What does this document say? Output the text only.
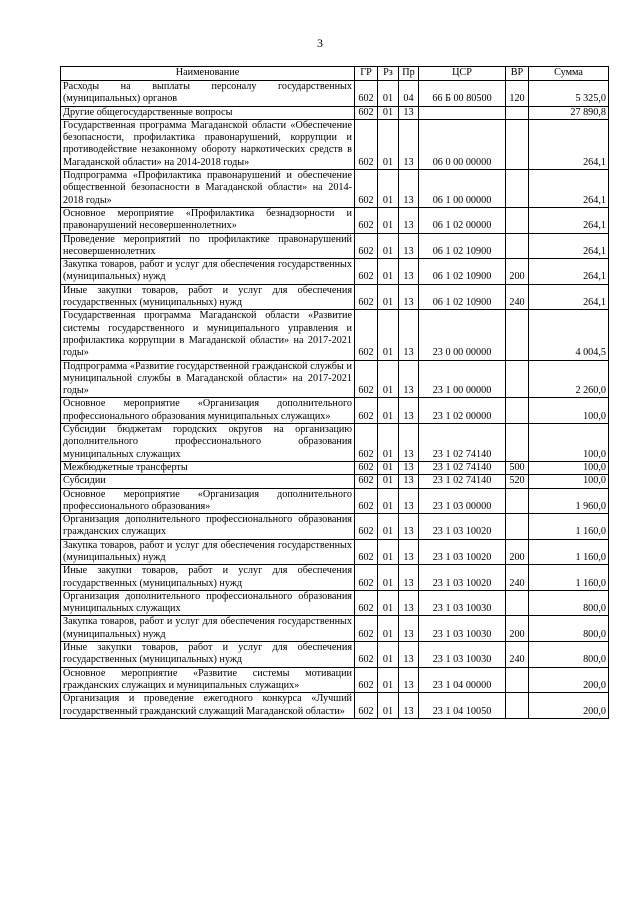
3
Наименование	ГР	Рз	Пр	ЦСР	ВР	Сумма
Расходы на выплаты персоналу государственных (муниципальных) органов	602	01	04	66 Б 00 80500	120	5 325,0
Другие общегосударственные вопросы	602	01	13			27 890,8
Государственная программа Магаданской области «Обеспечение безопасности, профилактика правонарушений, коррупции и противодействие незаконному обороту наркотических средств в Магаданской области» на 2014-2018 годы»	602	01	13	06 0 00 00000		264,1
Подпрограмма «Профилактика правонарушений и обеспечение общественной безопасности в Магаданской области» на 2014-2018 годы»	602	01	13	06 1 00 00000		264,1
Основное мероприятие «Профилактика безнадзорности и правонарушений несовершеннолетних»	602	01	13	06 1 02 00000		264,1
Проведение мероприятий по профилактике правонарушений несовершеннолетних	602	01	13	06 1 02 10900		264,1
Закупка товаров, работ и услуг для обеспечения государственных (муниципальных) нужд	602	01	13	06 1 02 10900	200	264,1
Иные закупки товаров, работ и услуг для обеспечения государственных (муниципальных) нужд	602	01	13	06 1 02 10900	240	264,1
Государственная программа Магаданской области «Развитие системы государственного и муниципального управления и профилактика коррупции в Магаданской области» на 2017-2021 годы»	602	01	13	23 0 00 00000		4 004,5
Подпрограмма «Развитие государственной гражданской службы и муниципальной службы в Магаданской области» на 2017-2021 годы»	602	01	13	23 1 00 00000		2 260,0
Основное мероприятие «Организация дополнительного профессионального образования муниципальных служащих»	602	01	13	23 1 02 00000		100,0
Субсидии бюджетам городских округов на организацию дополнительного профессионального образования муниципальных служащих	602	01	13	23 1 02 74140		100,0
Межбюджетные трансферты	602	01	13	23 1 02 74140	500	100,0
Субсидии	602	01	13	23 1 02 74140	520	100,0
Основное мероприятие «Организация дополнительного профессионального образования»	602	01	13	23 1 03 00000		1 960,0
Организация дополнительного профессионального образования гражданских служащих	602	01	13	23 1 03 10020		1 160,0
Закупка товаров, работ и услуг для обеспечения государственных (муниципальных) нужд	602	01	13	23 1 03 10020	200	1 160,0
Иные закупки товаров, работ и услуг для обеспечения государственных (муниципальных) нужд	602	01	13	23 1 03 10020	240	1 160,0
Организация дополнительного профессионального образования муниципальных служащих	602	01	13	23 1 03 10030		800,0
Закупка товаров, работ и услуг для обеспечения государственных (муниципальных) нужд	602	01	13	23 1 03 10030	200	800,0
Иные закупки товаров, работ и услуг для обеспечения государственных (муниципальных) нужд	602	01	13	23 1 03 10030	240	800,0
Основное мероприятие «Развитие системы мотивации гражданских служащих и муниципальных служащих»	602	01	13	23 1 04 00000		200,0
Организация и проведение ежегодного конкурса «Лучший государственный гражданский служащий Магаданской области»	602	01	13	23 1 04 10050		200,0
